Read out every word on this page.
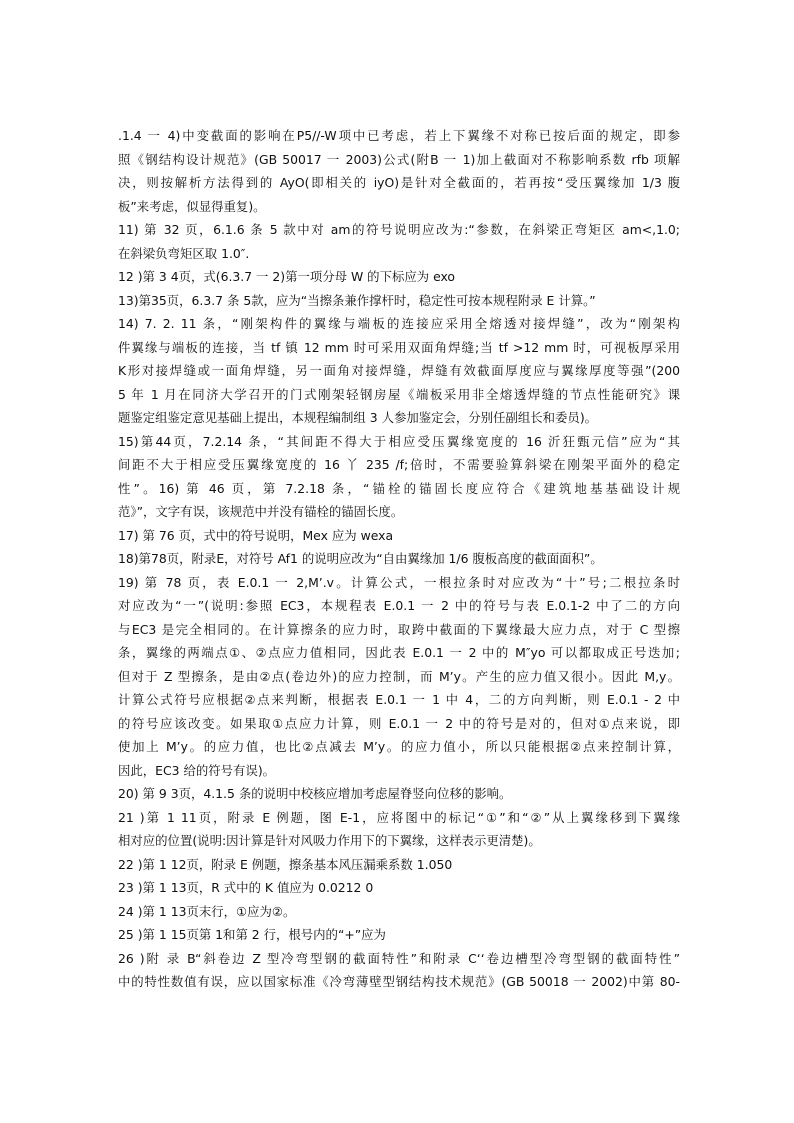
.1.4 一 4)中变截面的影响在P5//-W项中已考虑，若上下翼缘不对称已按后面的规定，即参
照《钢结构设计规范》(GB 50017 一 2003)公式(附B 一 1)加上截面对不称影响系数 rfb 项解
决，则按解析方法得到的 AyO(即相关的 iyO)是针对全截面的，若再按“受压翼缘加 1/3 腹
板”来考虑，似显得重复)。
11) 第 32 页，6.1.6 条 5 款中对 am的符号说明应改为:“参数，在斜梁正弯矩区 am<,1.0;
在斜梁负弯矩区取 1.0″.
12 )第 3 4页，式(6.3.7 一 2)第一项分母 W 的下标应为 exo
13)第35页，6.3.7 条 5款，应为“当擦条兼作撑杆时，稳定性可按本规程附录 E 计算。”
14) 7. 2. 11 条，“刚架构件的翼缘与端板的连接应采用全熔透对接焊缝”，改为“刚架构
件翼缘与端板的连接，当 tf 镇 12 mm 时可采用双面角焊缝;当 tf >12 mm 时，可视板厚采用
K形对接焊缝或一面角焊缝，另一面角对接焊缝，焊缝有效截面厚度应与翼缘厚度等强”(200
5 年 1 月在同济大学召开的门式刚架轻钢房屋《端板采用非全熔透焊缝的节点性能研究》课
题鉴定组鉴定意见基础上提出，本规程编制组 3 人参加鉴定会，分别任副组长和委员)。
15)第44页，7.2.14 条，“其间距不得大于相应受压翼缘宽度的 16 沂狂甄元信”应为“其
间距不大于相应受压翼缘宽度的 16 丫 235 /f;倍时，不需要验算斜梁在刚架平面外的稳定
性”。16) 第 46 页，第 7.2.18 条，“锚栓的锚固长度应符合《建筑地基基础设计规
范》”，文字有误，该规范中并没有锚栓的锚固长度。
17) 第 76 页，式中的符号说明，Mex 应为 wexa
18)第78页，附录E，对符号 Af1 的说明应改为“自由翼缘加 1/6 腹板高度的截面面积”。
19) 第 78 页，表 E.0.1 一 2,M’.v。计算公式，一根拉条时对应改为“十”号;二根拉条时
对应改为“一”(说明:参照 EC3，本规程表 E.0.1 一 2 中的符号与表 E.0.1-2 中了二的方向
与EC3 是完全相同的。在计算擦条的应力时，取跨中截面的下翼缘最大应力点，对于 C 型擦
条，翼缘的两端点①、②点应力值相同，因此表 E.0.1 一 2 中的 M″yo 可以都取成正号迭加;
但对于 Z 型擦条，是由②点(卷边外)的应力控制，而 M’y。产生的应力值又很小。因此 M,y。
计算公式符号应根据②点来判断，根据表 E.0.1 一 1 中 4，二的方向判断，则 E.0.1 - 2 中
的符号应该改变。如果取①点应力计算，则 E.0.1 一 2 中的符号是对的，但对①点来说，即
使加上 M’y。的应力值，也比②点减去 M’y。的应力值小，所以只能根据②点来控制计算，
因此，EC3 给的符号有误)。
20) 第 9 3页，4.1.5 条的说明中校核应增加考虑屋脊竖向位移的影响。
21 )第 1 11页，附录 E 例题，图 E-1，应将图中的标记“①”和“②”从上翼缘移到下翼缘
相对应的位置(说明:因计算是针对风吸力作用下的下翼缘，这样表示更清楚)。
22 )第 1 12页，附录 E 例题，擦条基本风压漏乘系数 1.050
23 )第 1 13页，R 式中的 K 值应为 0.0212 0
24 )第 1 13页末行，①应为②。
25 )第 1 15页第 1和第 2 行，根号内的“+”应为
26 )附 录 B“斜卷边 Z 型冷弯型钢的截面特性”和附录 C‘‘卷边槽型冷弯型钢的截面特性”
中的特性数值有误，应以国家标准《冷弯薄壁型钢结构技术规范》(GB 50018 一 2002)中第 80-
